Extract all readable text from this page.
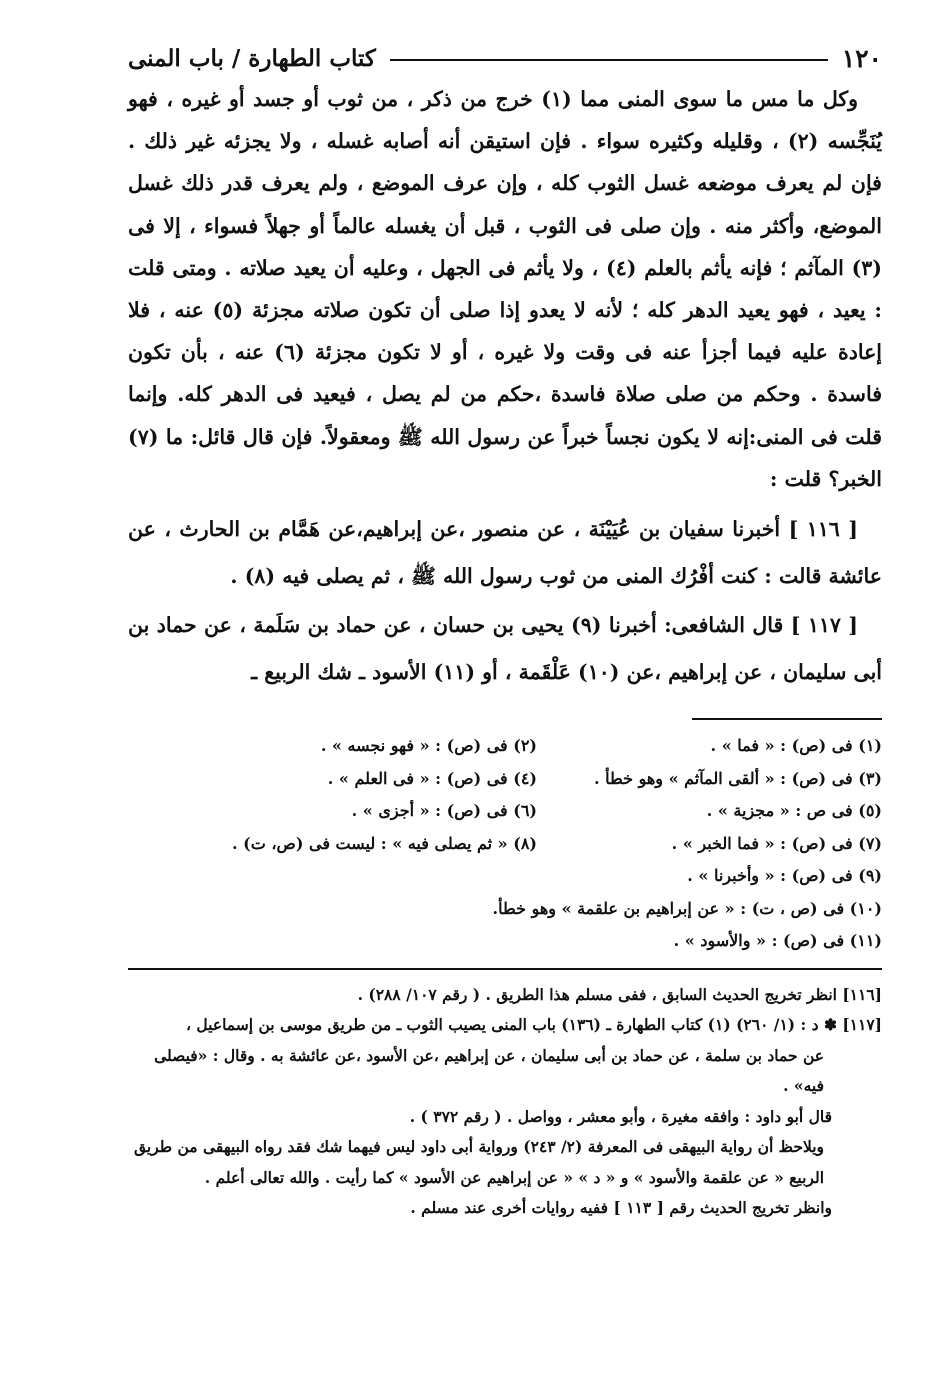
١٢٠
كتاب الطهارة / باب المنى

وكل ما مس ما سوى المنى مما (١) خرج من ذكر ، من ثوب أو جسد أو غيره ، فهو يُنَجِّسه (٢) ، وقليله وكثيره سواء . فإن استيقن أنه أصابه غسله ، ولا يجزئه غير ذلك . فإن لم يعرف موضعه غسل الثوب كله ، وإن عرف الموضع ، ولم يعرف قدر ذلك غسل الموضع، وأكثر منه . وإن صلى فى الثوب ، قبل أن يغسله عالماً أو جهلاً فسواء ، إلا فى (٣) المآثم ؛ فإنه يأثم بالعلم (٤) ، ولا يأثم فى الجهل ، وعليه أن يعيد صلاته . ومتى قلت : يعيد ، فهو يعيد الدهر كله ؛ لأنه لا يعدو إذا صلى أن تكون صلاته مجزئة (٥) عنه ، فلا إعادة عليه فيما أجزأ عنه فى وقت ولا غيره ، أو لا تكون مجزئة (٦) عنه ، بأن تكون فاسدة . وحكم من صلى صلاة فاسدة ،حكم من لم يصل ، فيعيد فى الدهر كله. وإنما قلت فى المنى:إنه لا يكون نجساً خبراً عن رسول الله ﷺ ومعقولاً. فإن قال قائل: ما (٧) الخبر؟ قلت :

[ ١١٦ ] أخبرنا سفيان بن عُيَيْنَة ، عن منصور ،عن إبراهيم،عن هَمَّام بن الحارث ، عن عائشة قالت : كنت أفْرُك المنى من ثوب رسول الله ﷺ ، ثم يصلى فيه (٨) .

[ ١١٧ ] قال الشافعى: أخبرنا (٩) يحيى بن حسان ، عن حماد بن سَلَمة ، عن حماد بن أبى سليمان ، عن إبراهيم ،عن (١٠) عَلْقَمة ، أو (١١) الأسود ـ شك الربيع ـ

(١) فى (ص) : « فما » .
(٢) فى (ص) : « فهو نجسه » .
(٣) فى (ص) : « ألقى المآثم » وهو خطأ .
(٤) فى (ص) : « فى العلم » .
(٥) فى ص : « مجزية » .
(٦) فى (ص) : « أجزى » .
(٧) فى (ص) : « فما الخبر » .
(٨) « ثم يصلى فيه » : ليست فى (ص، ت) .
(٩) فى (ص) : « وأخبرنا » .
(١٠) فى (ص ، ت) : « عن إبراهيم بن علقمة » وهو خطأ.
(١١) فى (ص) : « والأسود » .

[١١٦] انظر تخريج الحديث السابق ، ففى مسلم هذا الطريق . ( رقم ١٠٧/ ٢٨٨) .

[١١٧] ✽ د : (١/ ٢٦٠) (١) كتاب الطهارة ـ (١٣٦) باب المنى يصيب الثوب ـ من طريق موسى بن إسماعيل ،

عن حماد بن سلمة ، عن حماد بن أبى سليمان ، عن إبراهيم ،عن الأسود ،عن عائشة به . وقال : «فيصلى فيه» .

قال أبو داود : وافقه مغيرة ، وأبو معشر ، وواصل . ( رقم ٣٧٢ ) .

ويلاحظ أن رواية البيهقى فى المعرفة (٢/ ٢٤٣) ورواية أبى داود ليس فيهما شك فقد رواه البيهقى من طريق الربيع « عن علقمة والأسود » و « د » « عن إبراهيم عن الأسود » كما رأيت . والله تعالى أعلم .

وانظر تخريج الحديث رقم [ ١١٣ ] ففيه روايات أخرى عند مسلم .
